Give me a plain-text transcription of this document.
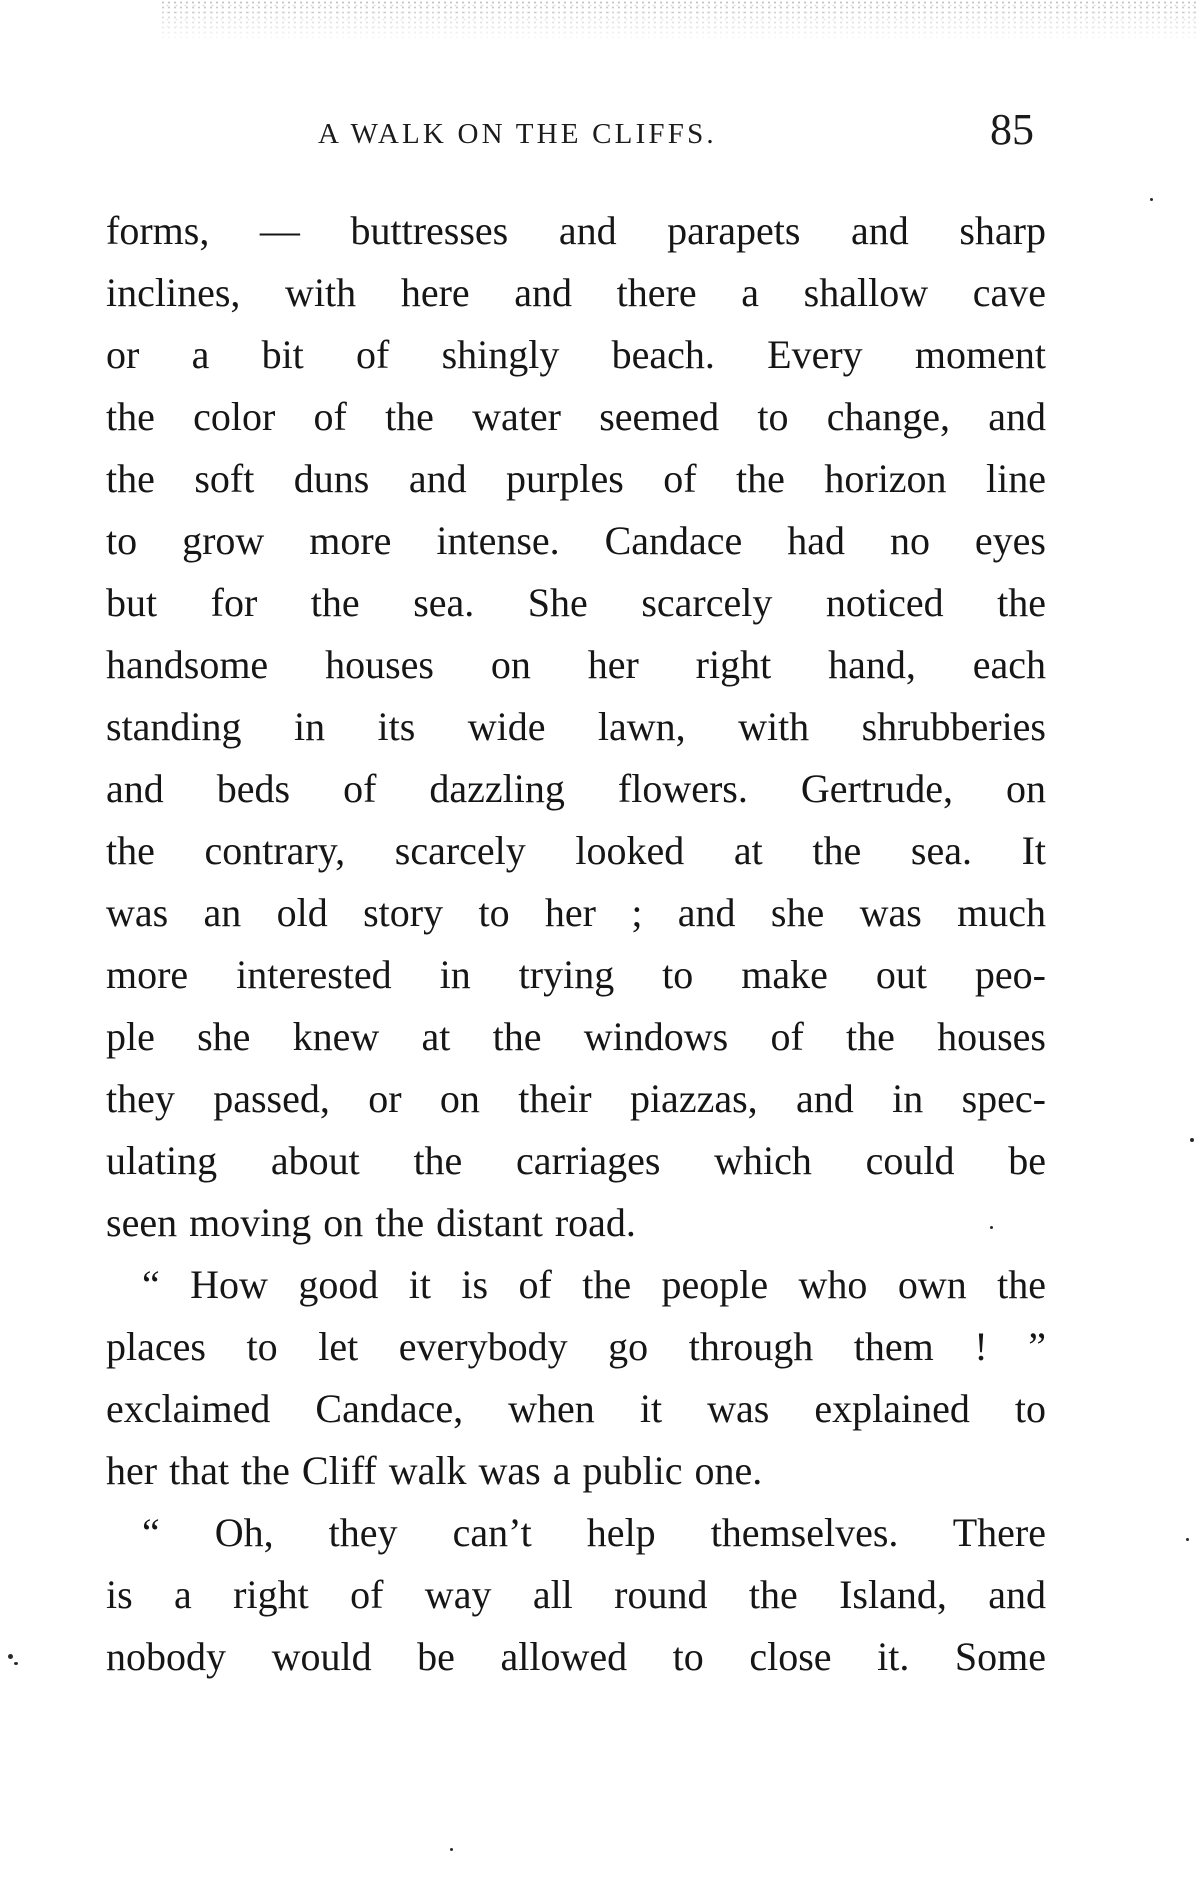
A WALK ON THE CLIFFS.	85
forms, — buttresses and parapets and sharp
inclines, with here and there a shallow cave
or a bit of shingly beach. Every moment
the color of the water seemed to change, and
the soft duns and purples of the horizon line
to grow more intense. Candace had no eyes
but for the sea. She scarcely noticed the
handsome houses on her right hand, each
standing in its wide lawn, with shrubberies
and beds of dazzling flowers. Gertrude, on
the contrary, scarcely looked at the sea. It
was an old story to her ; and she was much
more interested in trying to make out peo-
ple she knew at the windows of the houses
they passed, or on their piazzas, and in spec-
ulating about the carriages which could be
seen moving on the distant road.
“ How good it is of the people who own the
places to let everybody go through them ! ”
exclaimed Candace, when it was explained to
her that the Cliff walk was a public one.
“ Oh, they can’t help themselves. There
is a right of way all round the Island, and
nobody would be allowed to close it. Some
